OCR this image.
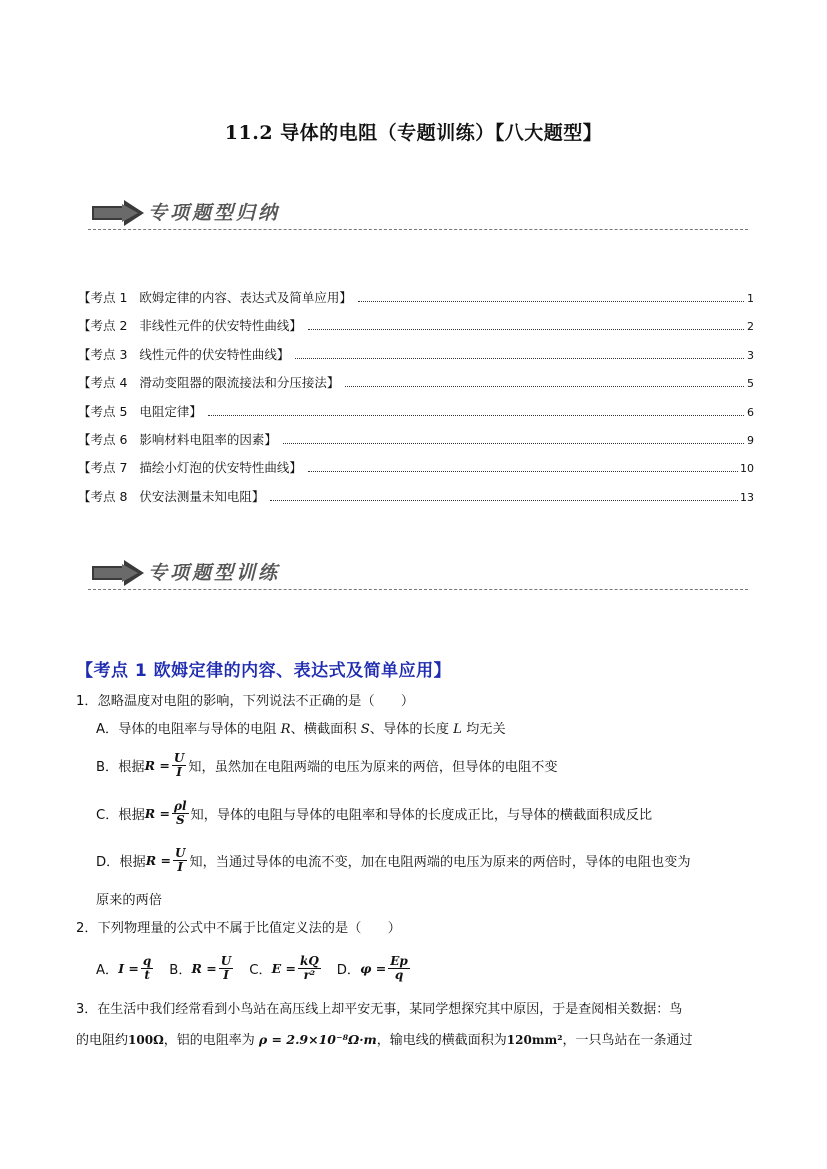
11.2 导体的电阻（专题训练）【八大题型】
专项题型归纳
【考点 1   欧姆定律的内容、表达式及简单应用】	1
【考点 2   非线性元件的伏安特性曲线】	2
【考点 3   线性元件的伏安特性曲线】	3
【考点 4   滑动变阻器的限流接法和分压接法】	5
【考点 5   电阻定律】	6
【考点 6   影响材料电阻率的因素】	9
【考点 7   描绘小灯泡的伏安特性曲线】	10
【考点 8   伏安法测量未知电阻】	13
专项题型训练
【考点 1 欧姆定律的内容、表达式及简单应用】
1．忽略温度对电阻的影响，下列说法不正确的是（　　）
A．导体的电阻率与导体的电阻 R、横截面积 S、导体的长度 L 均无关
B．根据 $R = \frac{U}{I}$ 知，虽然加在电阻两端的电压为原来的两倍，但导体的电阻不变
C．根据 $R = \frac{\rho l}{S}$ 知，导体的电阻与导体的电阻率和导体的长度成正比，与导体的横截面积成反比
D．根据 $R = \frac{U}{I}$ 知，当通过导体的电流不变，加在电阻两端的电压为原来的两倍时，导体的电阻也变为
原来的两倍
2．下列物理量的公式中不属于比值定义法的是（　　）
A． $I = \frac{q}{t}$ B． $R = \frac{U}{I}$ C． $E = \frac{kQ}{\text{r²}}$ D． $\varphi = \frac{Ep}{q}$
3．在生活中我们经常看到小鸟站在高压线上却平安无事，某同学想探究其中原因，于是查阅相关数据：鸟
的电阻约100Ω，铝的电阻率为 ρ = 2.9×10⁻⁸Ω·m，输电线的横截面积为120mm²，一只鸟站在一条通过
